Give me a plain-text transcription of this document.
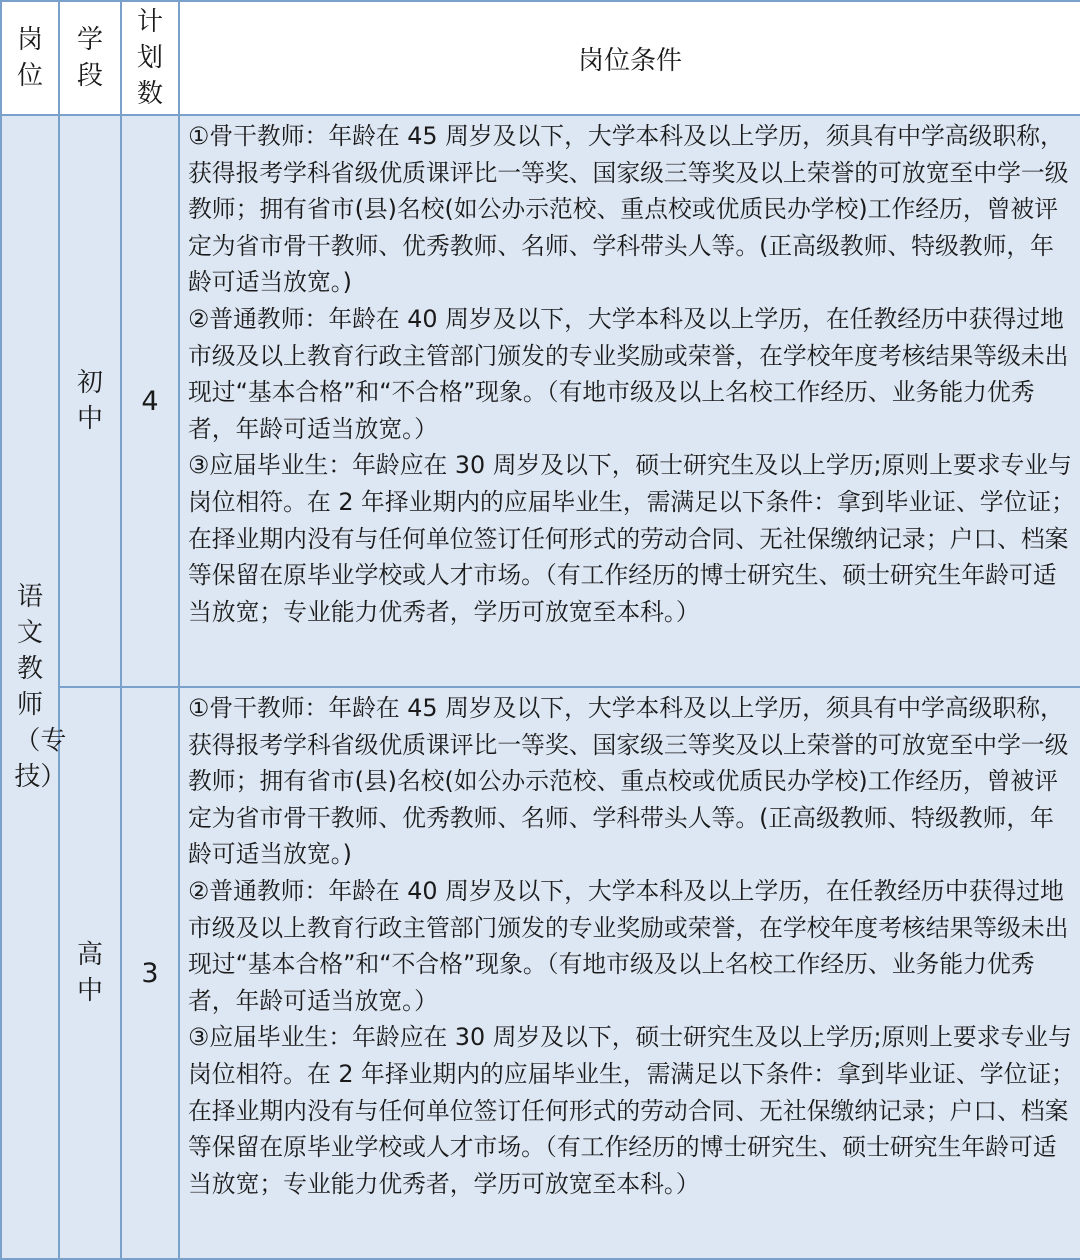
岗位	学段	计划数	岗位条件
语文教师（专技）	初中	4	①骨干教师：年龄在 45 周岁及以下，大学本科及以上学历，须具有中学高级职称，获得报考学科省级优质课评比一等奖、国家级三等奖及以上荣誉的可放宽至中学一级教师；拥有省市(县)名校(如公办示范校、重点校或优质民办学校)工作经历，曾被评定为省市骨干教师、优秀教师、名师、学科带头人等。(正高级教师、特级教师，年龄可适当放宽。)

②普通教师：年龄在 40 周岁及以下，大学本科及以上学历，在任教经历中获得过地市级及以上教育行政主管部门颁发的专业奖励或荣誉，在学校年度考核结果等级未出现过“基本合格”和“不合格”现象。（有地市级及以上名校工作经历、业务能力优秀者，年龄可适当放宽。）

③应届毕业生：年龄应在 30 周岁及以下，硕士研究生及以上学历;原则上要求专业与岗位相符。在 2 年择业期内的应届毕业生，需满足以下条件：拿到毕业证、学位证；在择业期内没有与任何单位签订任何形式的劳动合同、无社保缴纳记录；户口、档案等保留在原毕业学校或人才市场。（有工作经历的博士研究生、硕士研究生年龄可适当放宽；专业能力优秀者，学历可放宽至本科。）

	高中	3	①骨干教师：年龄在 45 周岁及以下，大学本科及以上学历，须具有中学高级职称，获得报考学科省级优质课评比一等奖、国家级三等奖及以上荣誉的可放宽至中学一级教师；拥有省市(县)名校(如公办示范校、重点校或优质民办学校)工作经历，曾被评定为省市骨干教师、优秀教师、名师、学科带头人等。(正高级教师、特级教师，年龄可适当放宽。)

②普通教师：年龄在 40 周岁及以下，大学本科及以上学历，在任教经历中获得过地市级及以上教育行政主管部门颁发的专业奖励或荣誉，在学校年度考核结果等级未出现过“基本合格”和“不合格”现象。（有地市级及以上名校工作经历、业务能力优秀者，年龄可适当放宽。）

③应届毕业生：年龄应在 30 周岁及以下，硕士研究生及以上学历;原则上要求专业与岗位相符。在 2 年择业期内的应届毕业生，需满足以下条件：拿到毕业证、学位证；在择业期内没有与任何单位签订任何形式的劳动合同、无社保缴纳记录；户口、档案等保留在原毕业学校或人才市场。（有工作经历的博士研究生、硕士研究生年龄可适当放宽；专业能力优秀者，学历可放宽至本科。）
